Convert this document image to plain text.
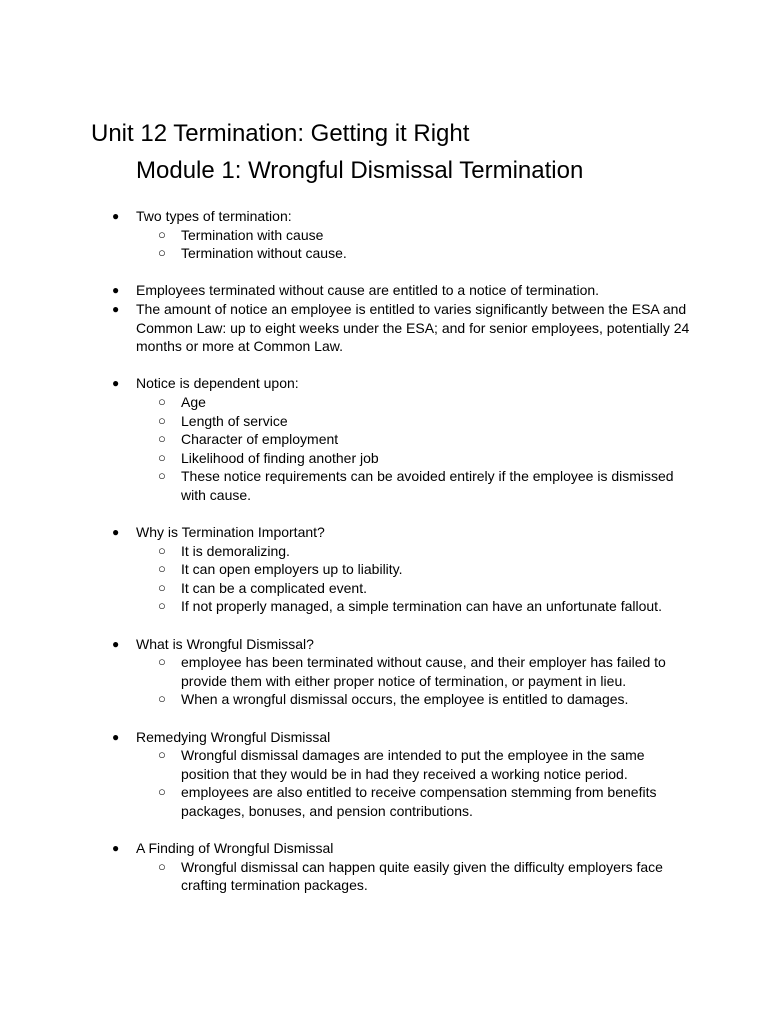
Unit 12 Termination: Getting it Right
Module 1: Wrongful Dismissal Termination
● Two types of termination:
○ Termination with cause
○ Termination without cause.
● Employees terminated without cause are entitled to a notice of termination.
● The amount of notice an employee is entitled to varies significantly between the ESA and Common Law: up to eight weeks under the ESA; and for senior employees, potentially 24 months or more at Common Law.
● Notice is dependent upon:
○ Age
○ Length of service
○ Character of employment
○ Likelihood of finding another job
○ These notice requirements can be avoided entirely if the employee is dismissed with cause.
● Why is Termination Important?
○ It is demoralizing.
○ It can open employers up to liability.
○ It can be a complicated event.
○ If not properly managed, a simple termination can have an unfortunate fallout.
● What is Wrongful Dismissal?
○ employee has been terminated without cause, and their employer has failed to provide them with either proper notice of termination, or payment in lieu.
○ When a wrongful dismissal occurs, the employee is entitled to damages.
● Remedying Wrongful Dismissal
○ Wrongful dismissal damages are intended to put the employee in the same position that they would be in had they received a working notice period.
○ employees are also entitled to receive compensation stemming from benefits packages, bonuses, and pension contributions.
● A Finding of Wrongful Dismissal
○ Wrongful dismissal can happen quite easily given the difficulty employers face crafting termination packages.
